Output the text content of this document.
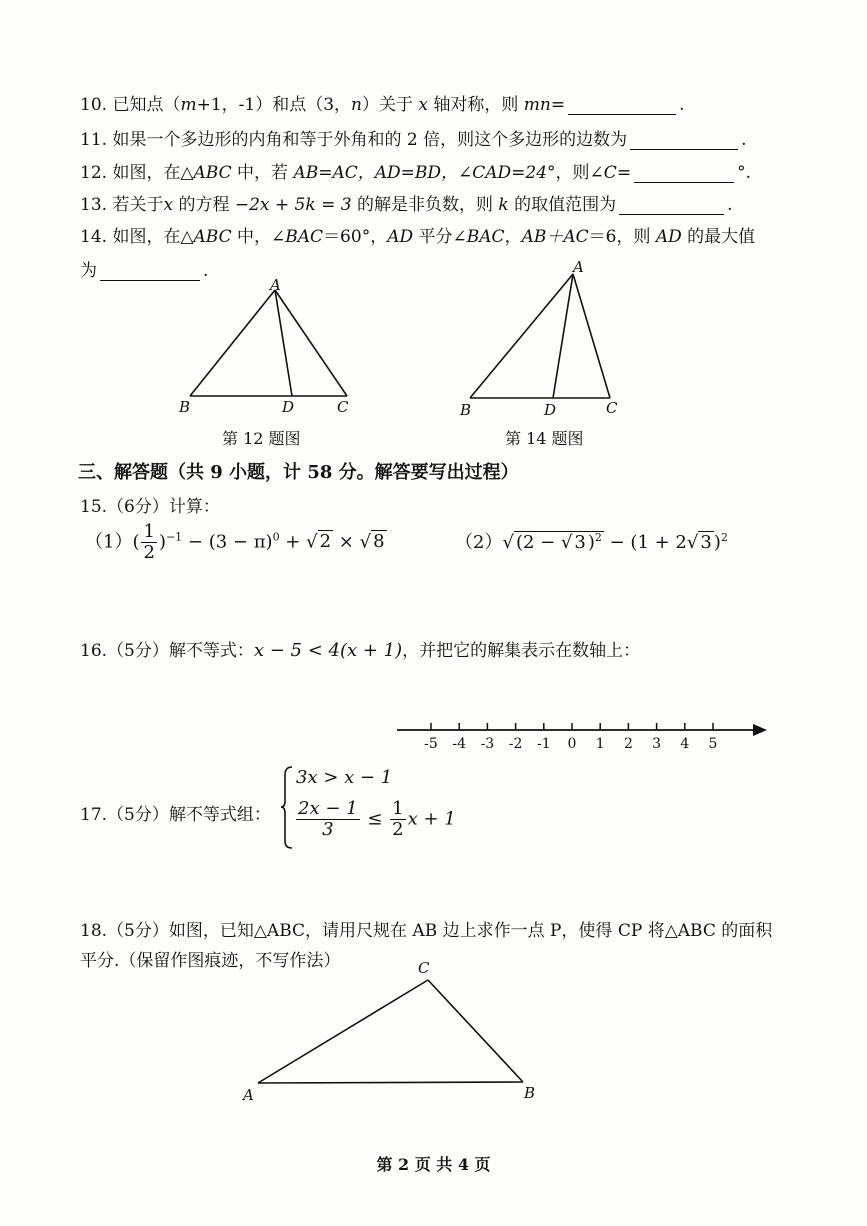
10. 已知点（m+1，-1）和点（3，n）关于 x 轴对称，则 mn=	.
11. 如果一个多边形的内角和等于外角和的 2 倍，则这个多边形的边数为	.
12. 如图，在△ABC 中，若 AB=AC，AD=BD，∠CAD=24°，则∠C=	°.
13. 若关于x 的方程 −2x + 5k = 3 的解是非负数，则 k 的取值范围为	.
14. 如图，在△ABC 中，∠BAC＝60°，AD 平分∠BAC，AB＋AC＝6，则 AD 的最大值
为	.
A
B	D	C
第 12 题图
A
B	D	C
第 14 题图
三、解答题（共 9 小题，计 58 分。解答要写出过程）
15.（6分）计算：
$(1)( \frac{1}{2} )^{-1} - (3 - \pi)^0$ + √ 2 × √ 8	（2）√ (2 − √ 3 )$^2$ − (1 + 2√ 3 )$^2$
16.（5分）解不等式：x − 5 < 4(x + 1)，并把它的解集表示在数轴上：
-5 -4 -3 -2 -1 0 1 2 3 4 5
17.（5分）解不等式组：
3x > x − 1
$\frac{2x - 1}{3} \le \frac{1}{2}$ x + 1
18.（5分）如图，已知△ABC，请用尺规在 AB 边上求作一点 P，使得 CP 将△ABC 的面积
平分.（保留作图痕迹，不写作法）	C
A	B
第 2 页 共 4 页
